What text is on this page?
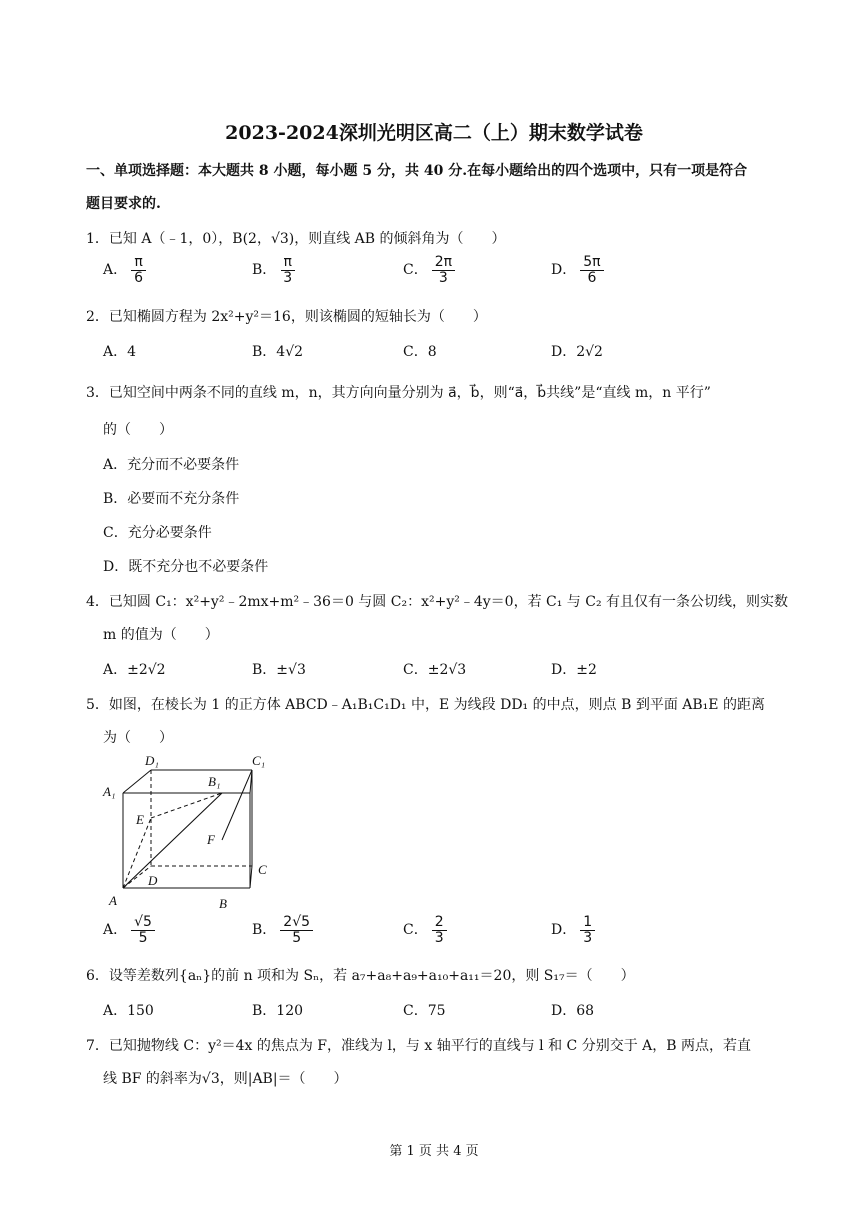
2023-2024深圳光明区高二（上）期末数学试卷
一、单项选择题：本大题共 8 小题，每小题 5 分，共 40 分.在每小题给出的四个选项中，只有一项是符合
题目要求的.
1．已知 A（﹣1，0），B(2，√3)，则直线 AB 的倾斜角为（　　）
A． $\frac{\pi}{6}$	B． $\frac{\pi}{3}$	C． $\frac{2\pi}{3}$	D． $\frac{5\pi}{6}$
2．已知椭圆方程为 2x²+y²＝16，则该椭圆的短轴长为（　　）
A．4	B．4√2	C．8	D．2√2
3．已知空间中两条不同的直线 m，n，其方向向量分别为 a⃗，b⃗，则“a⃗，b⃗共线”是“直线 m，n 平行”
的（　　）
A．充分而不必要条件
B．必要而不充分条件
C．充分必要条件
D．既不充分也不必要条件
4．已知圆 C₁：x²+y²﹣2mx+m²﹣36＝0 与圆 C₂：x²+y²﹣4y＝0，若 C₁ 与 C₂ 有且仅有一条公切线，则实数
m 的值为（　　）
A．±2√2	B．±√3	C．±2√3	D．±2
5．如图，在棱长为 1 的正方体 ABCD﹣A₁B₁C₁D₁ 中，E 为线段 DD₁ 的中点，则点 B 到平面 AB₁E 的距离
为（　　）
D₁	C₁
A₁
B₁
E
F
D
C
A	B
A． $\frac{√5}{5}$	B． $\frac{2√5}{5}$	C． $\frac{2}{3}$	D． $\frac{1}{3}$
6．设等差数列{aₙ}的前 n 项和为 Sₙ，若 a₇+a₈+a₉+a₁₀+a₁₁＝20，则 S₁₇＝（　　）
A．150	B．120	C．75	D．68
7．已知抛物线 C：y²＝4x 的焦点为 F，准线为 l，与 x 轴平行的直线与 l 和 C 分别交于 A，B 两点，若直
线 BF 的斜率为√3，则|AB|＝（　　）
第 1 页 共 4 页
